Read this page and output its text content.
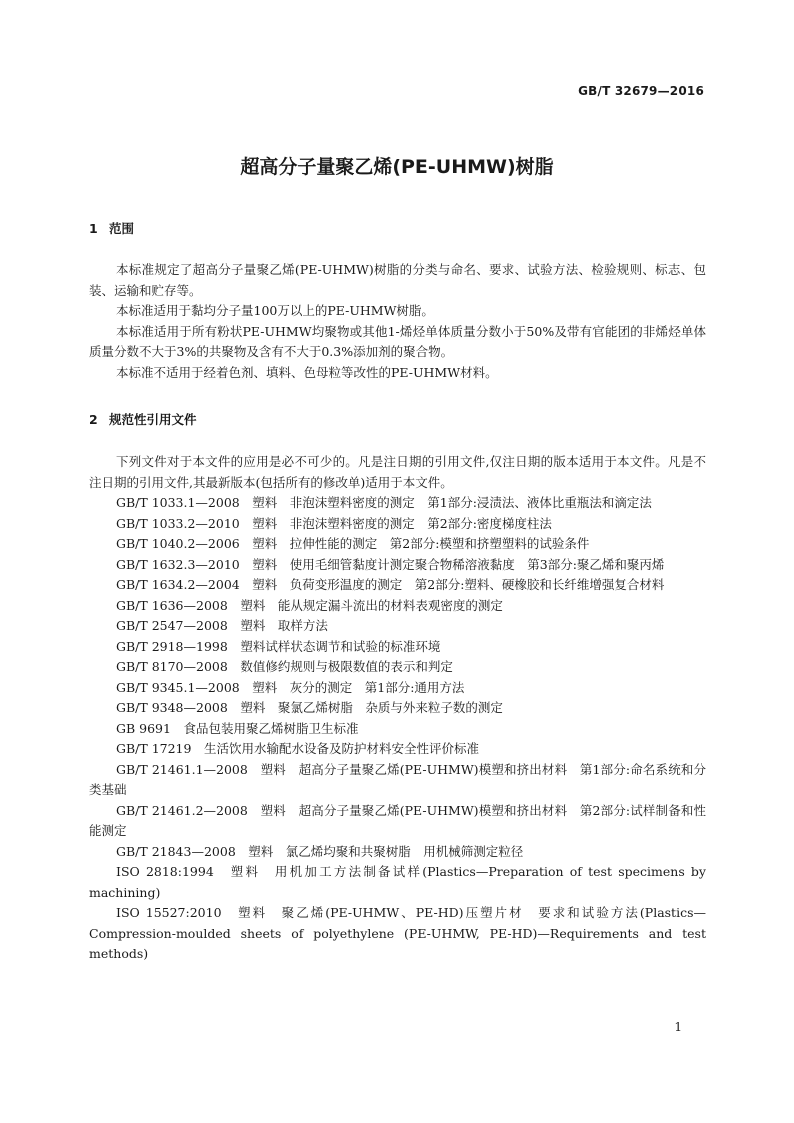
GB/T 32679—2016
超高分子量聚乙烯(PE-UHMW)树脂
1 范围

本标准规定了超高分子量聚乙烯(PE-UHMW)树脂的分类与命名、要求、试验方法、检验规则、标志、包装、运输和贮存等。

本标准适用于黏均分子量100万以上的PE-UHMW树脂。

本标准适用于所有粉状PE-UHMW均聚物或其他1-烯烃单体质量分数小于50%及带有官能团的非烯烃单体质量分数不大于3%的共聚物及含有不大于0.3%添加剂的聚合物。

本标准不适用于经着色剂、填料、色母粒等改性的PE-UHMW材料。

2 规范性引用文件

下列文件对于本文件的应用是必不可少的。凡是注日期的引用文件,仅注日期的版本适用于本文件。凡是不注日期的引用文件,其最新版本(包括所有的修改单)适用于本文件。

GB/T 1033.1—2008　塑料　非泡沫塑料密度的测定　第1部分:浸渍法、液体比重瓶法和滴定法

GB/T 1033.2—2010　塑料　非泡沫塑料密度的测定　第2部分:密度梯度柱法

GB/T 1040.2—2006　塑料　拉伸性能的测定　第2部分:模塑和挤塑塑料的试验条件

GB/T 1632.3—2010　塑料　使用毛细管黏度计测定聚合物稀溶液黏度　第3部分:聚乙烯和聚丙烯

GB/T 1634.2—2004　塑料　负荷变形温度的测定　第2部分:塑料、硬橡胶和长纤维增强复合材料

GB/T 1636—2008　塑料　能从规定漏斗流出的材料表观密度的测定

GB/T 2547—2008　塑料　取样方法

GB/T 2918—1998　塑料试样状态调节和试验的标准环境

GB/T 8170—2008　数值修约规则与极限数值的表示和判定

GB/T 9345.1—2008　塑料　灰分的测定　第1部分:通用方法

GB/T 9348—2008　塑料　聚氯乙烯树脂　杂质与外来粒子数的测定

GB 9691　食品包装用聚乙烯树脂卫生标准

GB/T 17219　生活饮用水输配水设备及防护材料安全性评价标准

GB/T 21461.1—2008　塑料　超高分子量聚乙烯(PE-UHMW)模塑和挤出材料　第1部分:命名系统和分类基础

GB/T 21461.2—2008　塑料　超高分子量聚乙烯(PE-UHMW)模塑和挤出材料　第2部分:试样制备和性能测定

GB/T 21843—2008　塑料　氯乙烯均聚和共聚树脂　用机械筛测定粒径

ISO 2818:1994　塑料　用机加工方法制备试样(Plastics—Preparation of test specimens by machining)

ISO 15527:2010　塑料　聚乙烯(PE-UHMW、PE-HD)压塑片材　要求和试验方法(Plastics—Compression-moulded sheets of polyethylene (PE-UHMW, PE-HD)—Requirements and test methods)

1
